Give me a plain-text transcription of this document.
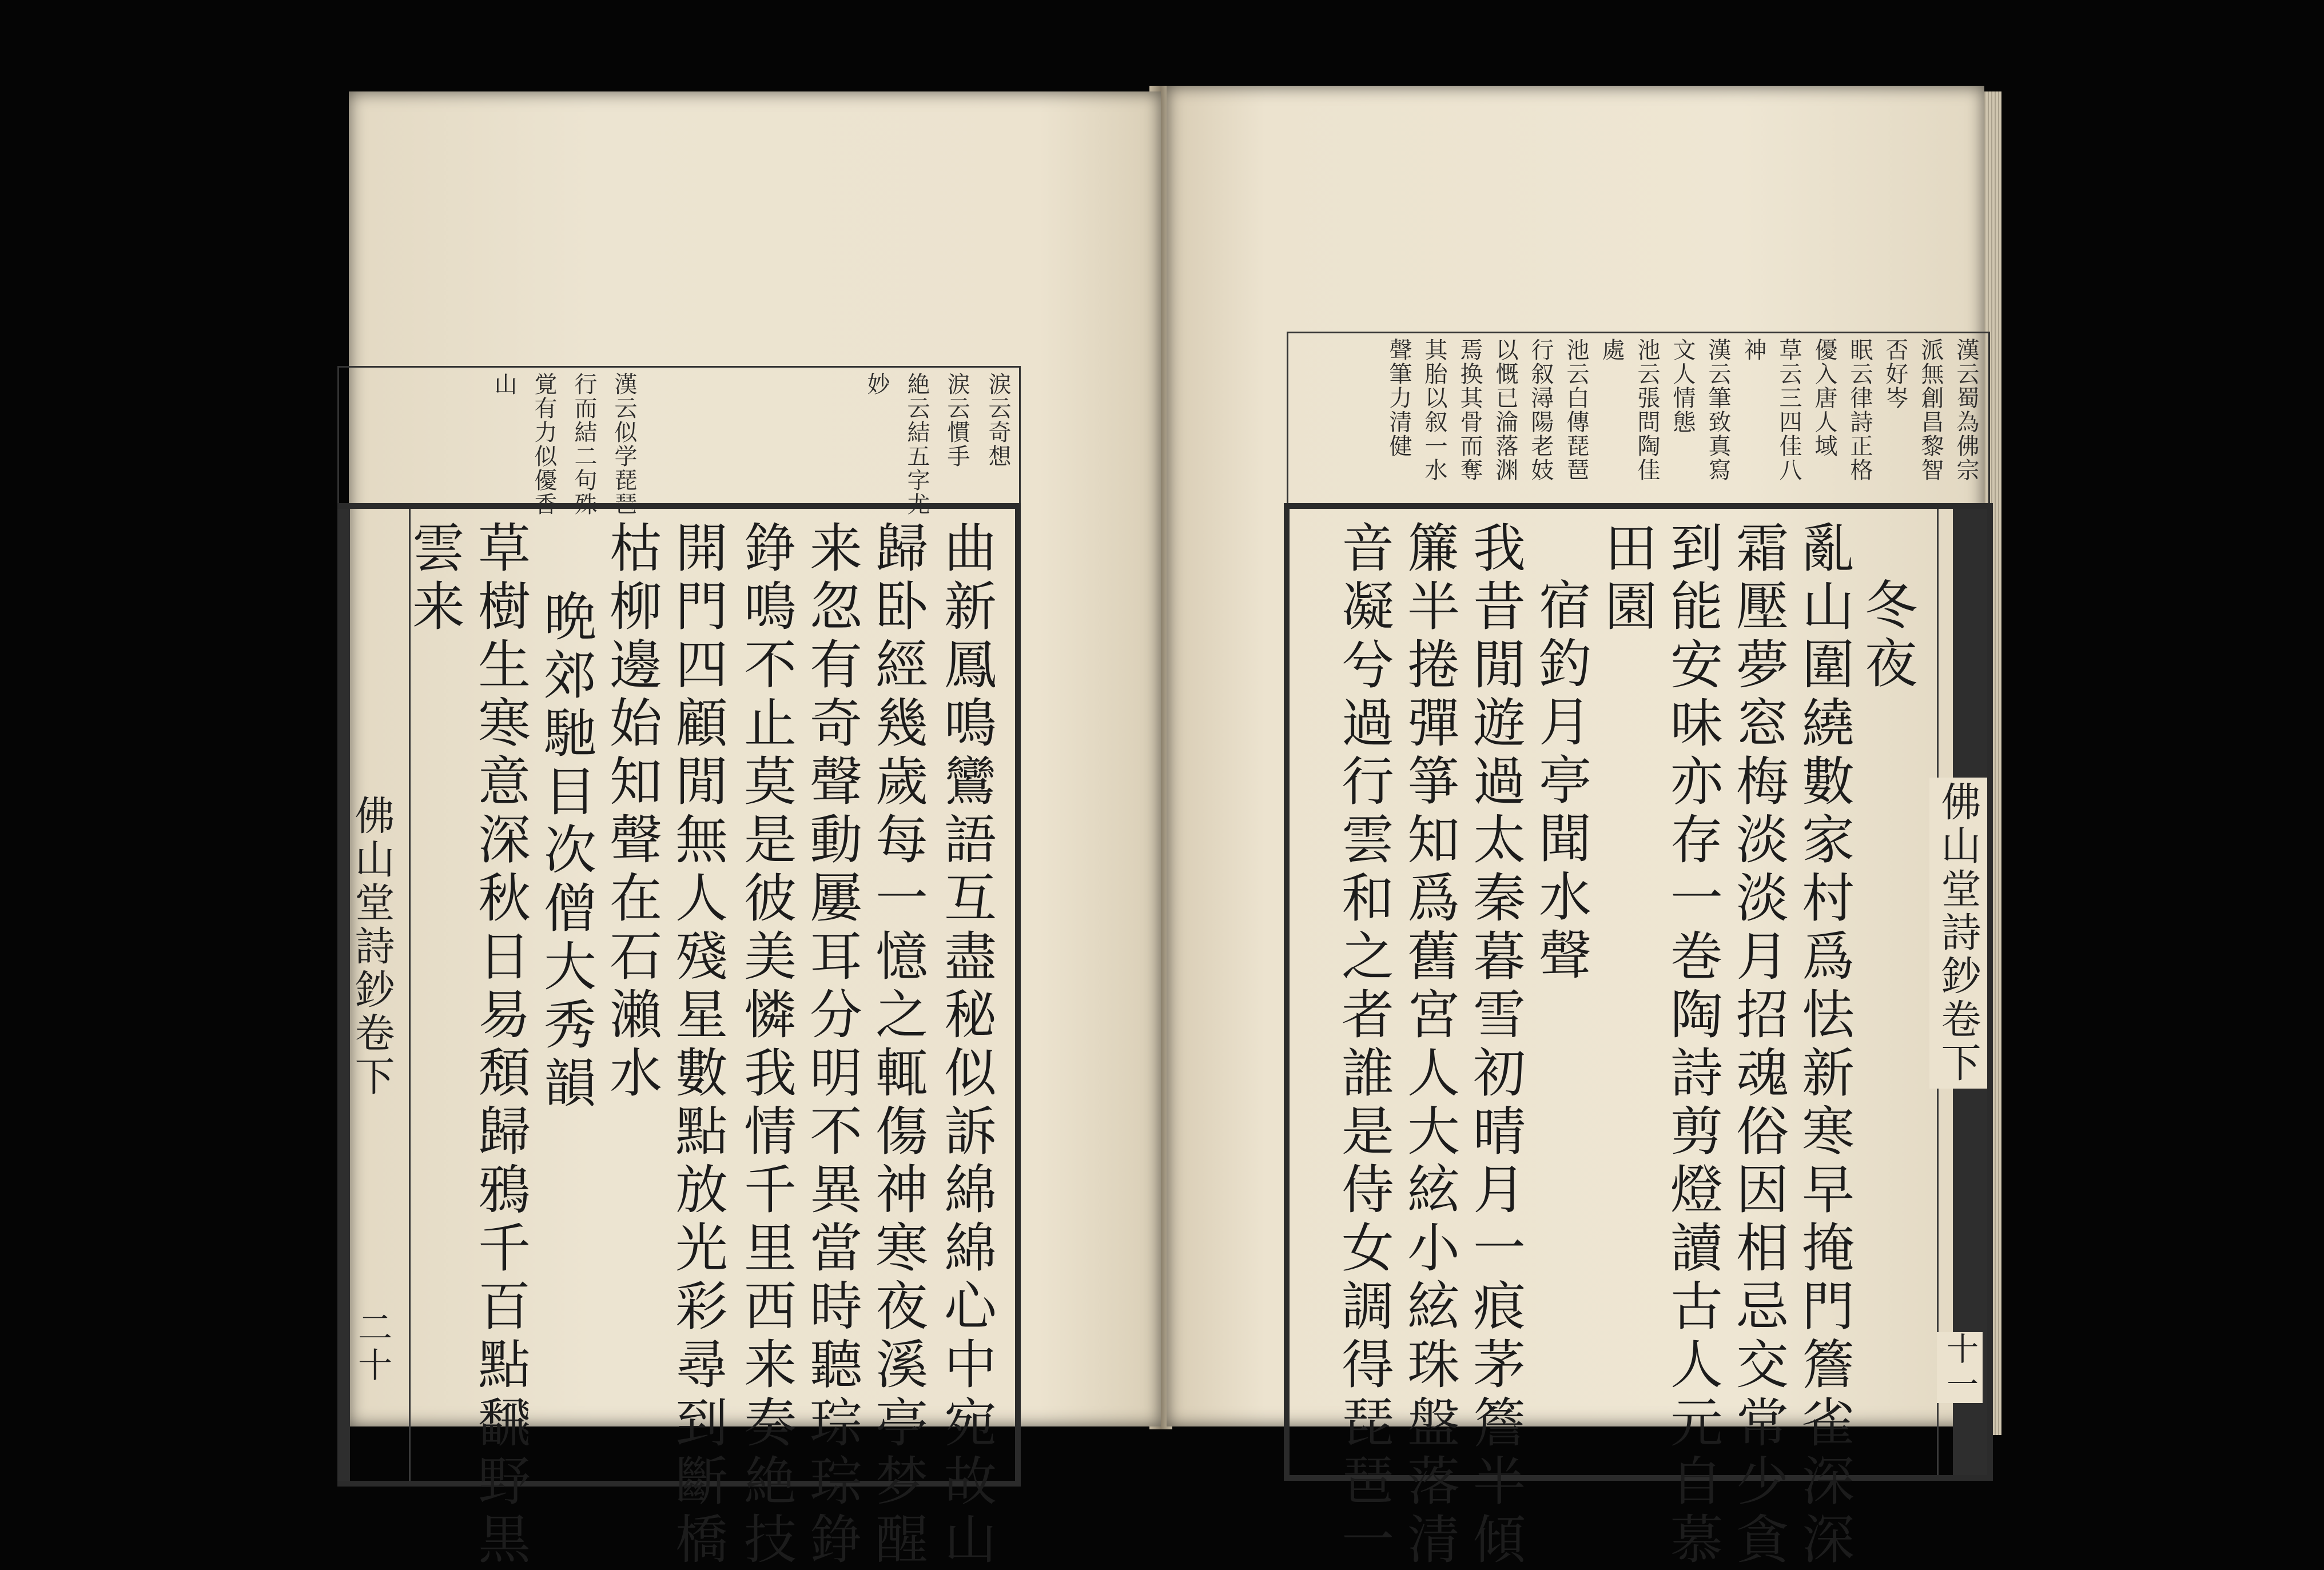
涙云奇想
涙云慣手
絶云結五字尤
妙
漢云似学琵琶
行而結二句殊
覚有力似優香
山
佛山堂詩鈔卷下
二十	曲新鳳鳴鸞語互盡秘似訴綿綿心中宛故山
歸卧經幾歲每一憶之輒傷神寒夜溪亭梦醒
来忽有奇聲動屢耳分明不異當時聽琮琮錚
錚鳴不止莫是彼美憐我情千里西来奏絶技
開門四顧閒無人殘星數點放光彩尋到斷橋
枯柳邊始知聲在石瀨水
晩郊馳目次僧大秀韻
草樹生寒意深秋日易頽歸鴉千百點飜野黒
雲来
漢云蜀為佛宗
派無創昌黎智
否好岑
眠云律詩正格
優入唐人域
草云三四佳八
神
漢云筆致真寫
文人情態
池云張問陶佳
處
池云白傳琵琶
行叙潯陽老妓
以慨已淪落渊
焉换其骨而奪
其胎以叙一水
聲筆力清健
佛山堂詩鈔卷下
十一
冬夜
亂山圍繞數家村爲怯新寒早掩門簷雀深深
霜壓夢窓梅淡淡月招魂俗因相忌交常少貪
到能安味亦存一巻陶詩剪燈讀古人元自慕
田園
宿釣月亭聞水聲
我昔閒遊過太秦暮雪初晴月一痕茅簷半傾
簾半捲彈箏知爲舊宮人大絃小絃珠盤落清
音凝兮過行雲和之者誰是侍女調得琵琶一
